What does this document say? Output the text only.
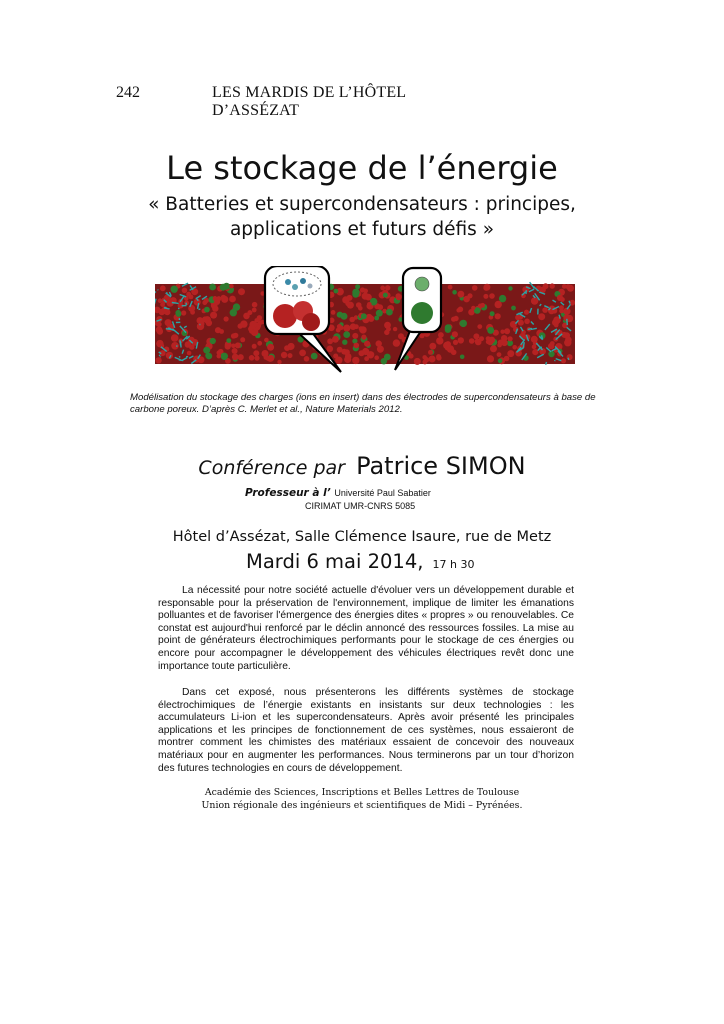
242	LES MARDIS DE L’HÔTEL D’ASSÉZAT
Le stockage de l’énergie
« Batteries et supercondensateurs : principes,
applications et futurs défis »
Modélisation du stockage des charges (ions en insert) dans des électrodes de supercondensateurs à base de carbone poreux. D’après C. Merlet et al., Nature Materials 2012.
Conférence par Patrice SIMON
Professeur à l’ Université Paul Sabatier
CIRIMAT UMR-CNRS 5085
Hôtel d’Assézat, Salle Clémence Isaure, rue de Metz
Mardi 6 mai 2014, 17 h 30

La nécessité pour notre société actuelle d'évoluer vers un développement durable et responsable pour la préservation de l'environnement, implique de limiter les émanations polluantes et de favoriser l'émergence des énergies dites « propres » ou renouvelables. Ce constat est aujourd'hui renforcé par le déclin annoncé des ressources fossiles. La mise au point de générateurs électrochimiques performants pour le stockage de ces énergies ou encore pour accompagner le développement des véhicules électriques revêt donc une importance toute particulière.

Dans cet exposé, nous présenterons les différents systèmes de stockage électrochimiques de l’énergie existants en insistants sur deux technologies : les accumulateurs Li-ion et les supercondensateurs. Après avoir présenté les principales applications et les principes de fonctionnement de ces systèmes, nous essaieront de montrer comment les chimistes des matériaux essaient de concevoir des nouveaux matériaux pour en augmenter les performances. Nous terminerons par un tour d’horizon des futures technologies en cours de développement.

Académie des Sciences, Inscriptions et Belles Lettres de Toulouse
Union régionale des ingénieurs et scientifiques de Midi – Pyrénées.
